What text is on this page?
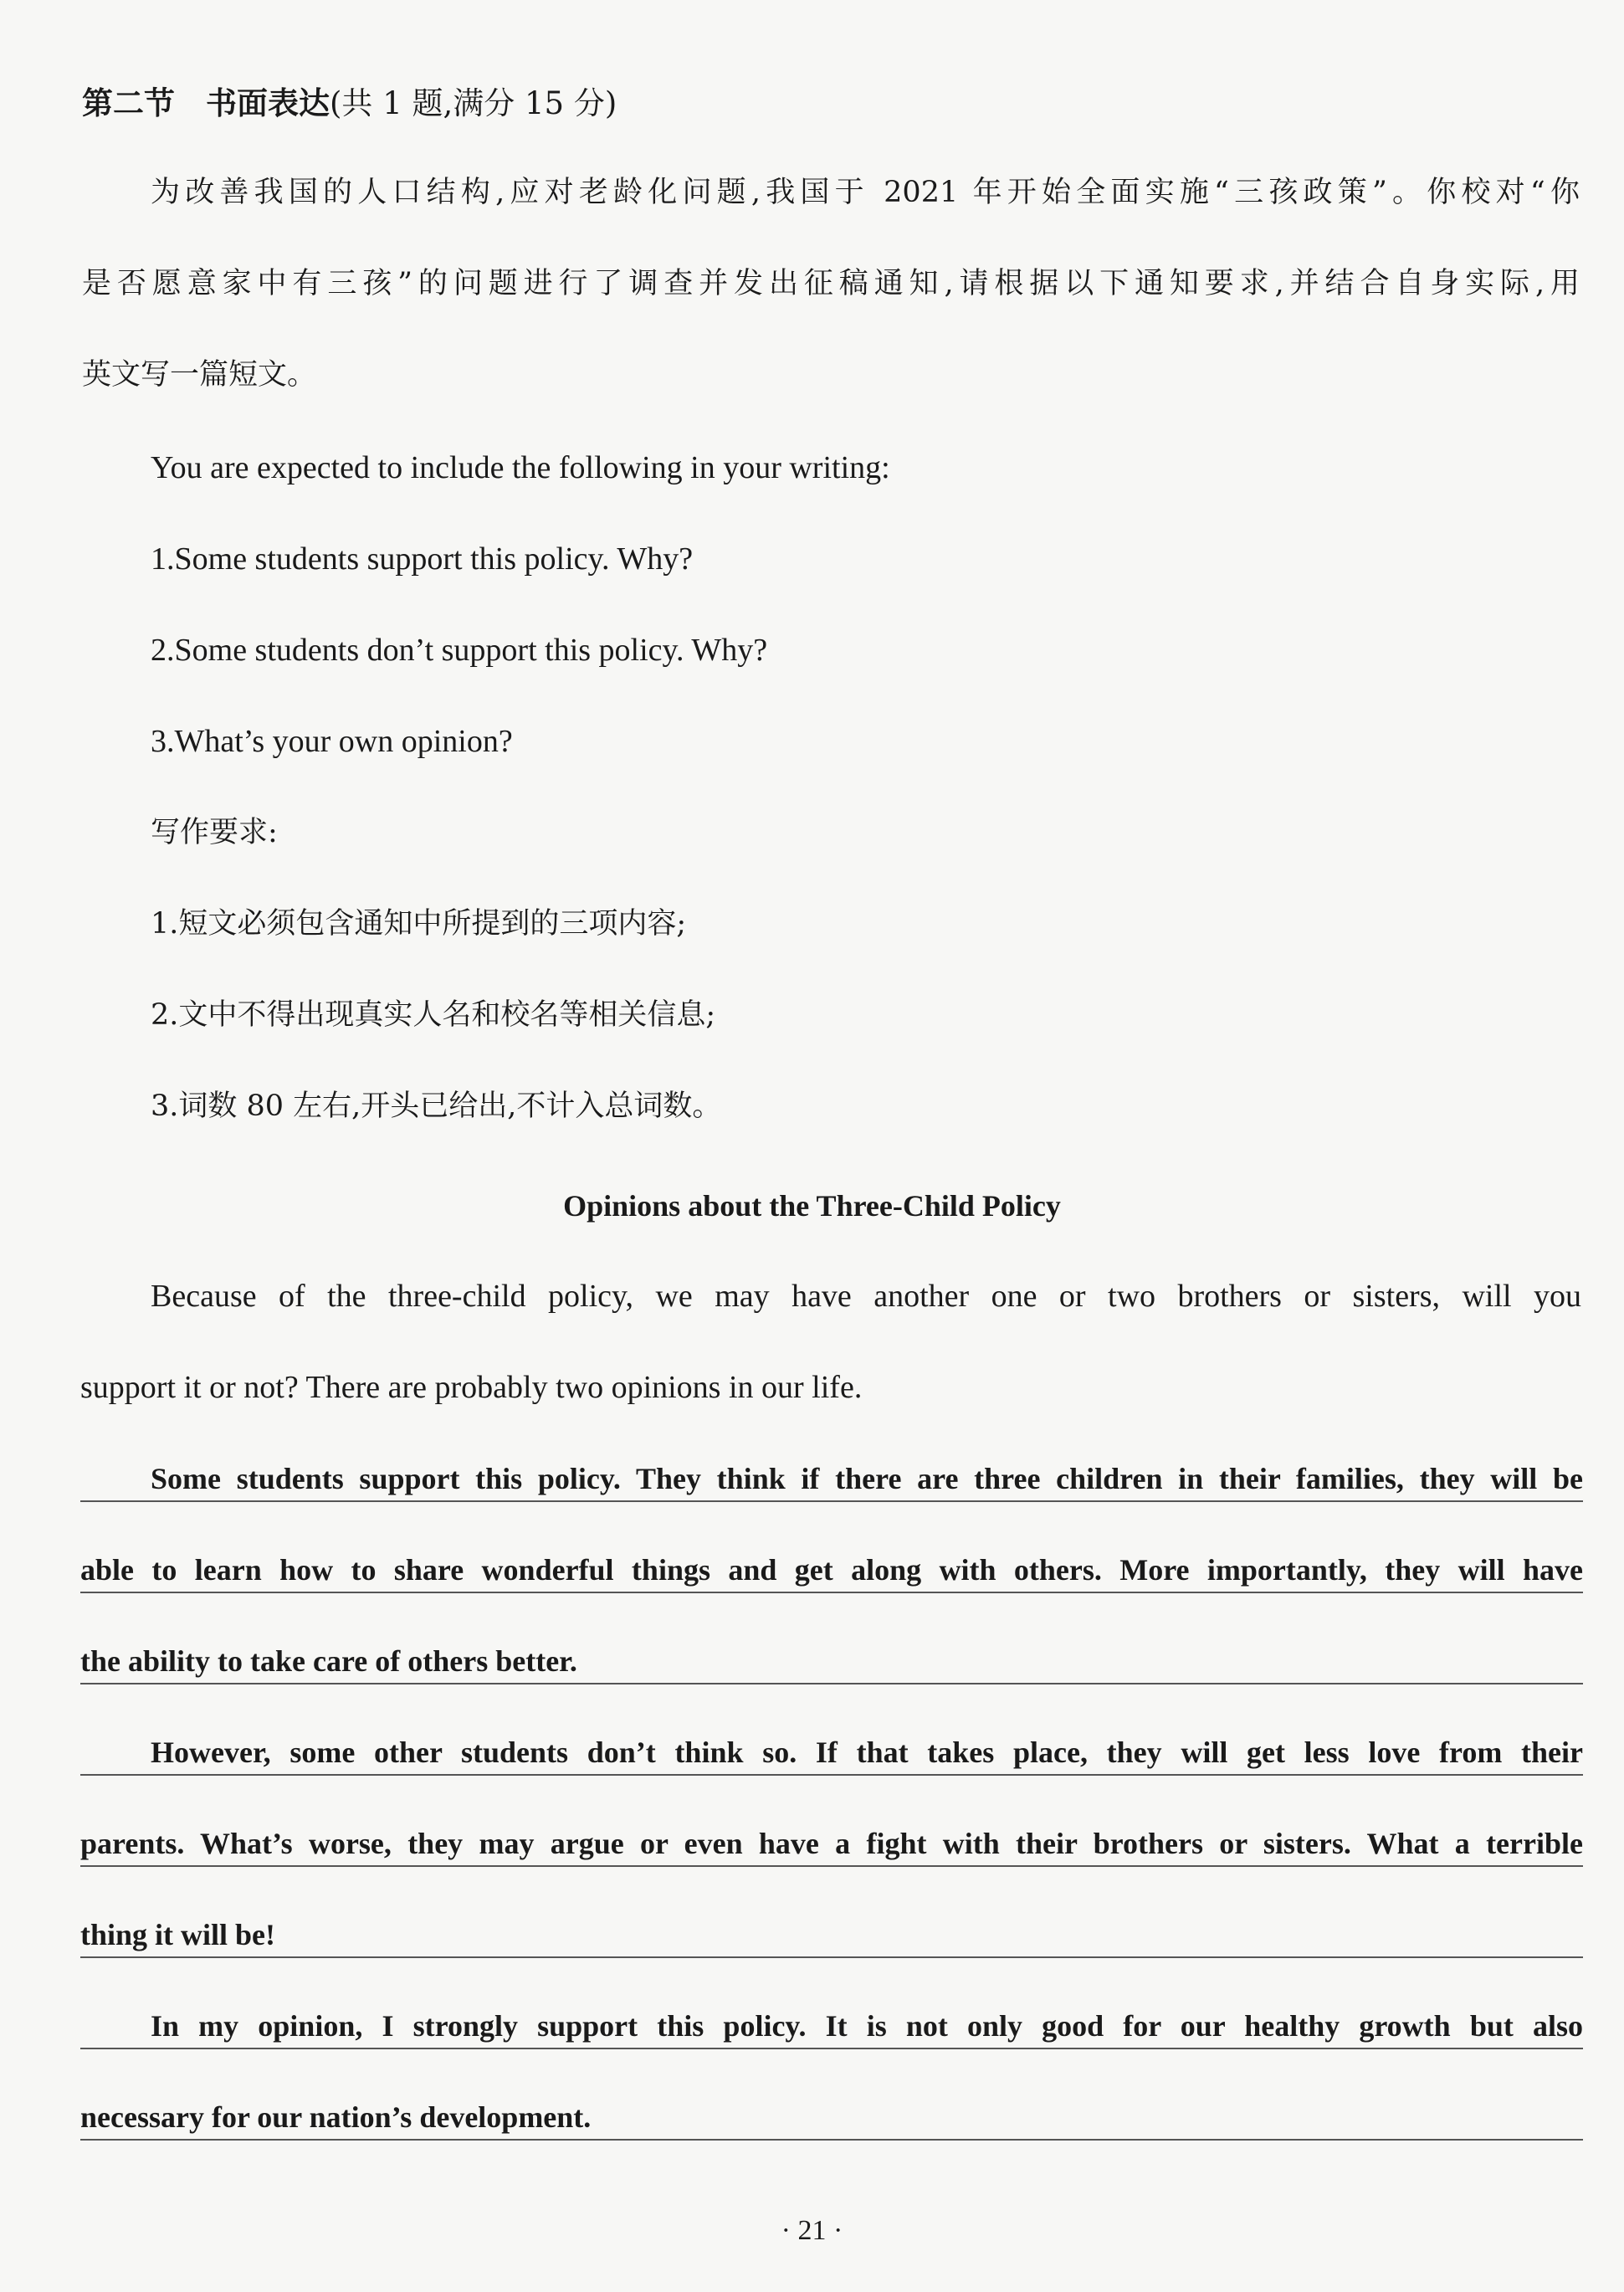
第二节　书面表达(共 1 题,满分 15 分)
为改善我国的人口结构,应对老龄化问题,我国于 2021 年开始全面实施“三孩政策”。你校对“你
是否愿意家中有三孩”的问题进行了调查并发出征稿通知,请根据以下通知要求,并结合自身实际,用
英文写一篇短文。
You are expected to include the following in your writing:
1.Some students support this policy. Why?
2.Some students don’t support this policy. Why?
3.What’s your own opinion?
写作要求:
1.短文必须包含通知中所提到的三项内容;
2.文中不得出现真实人名和校名等相关信息;
3.词数 80 左右,开头已给出,不计入总词数。
Opinions about the Three-Child Policy
Because of the three-child policy, we may have another one or two brothers or sisters, will you
support it or not? There are probably two opinions in our life.
Some students support this policy. They think if there are three children in their families, they will be
able to learn how to share wonderful things and get along with others. More importantly, they will have
the ability to take care of others better.
However, some other students don’t think so. If that takes place, they will get less love from their
parents. What’s worse, they may argue or even have a fight with their brothers or sisters. What a terrible
thing it will be!
In my opinion, I strongly support this policy. It is not only good for our healthy growth but also
necessary for our nation’s development.
· 21 ·
